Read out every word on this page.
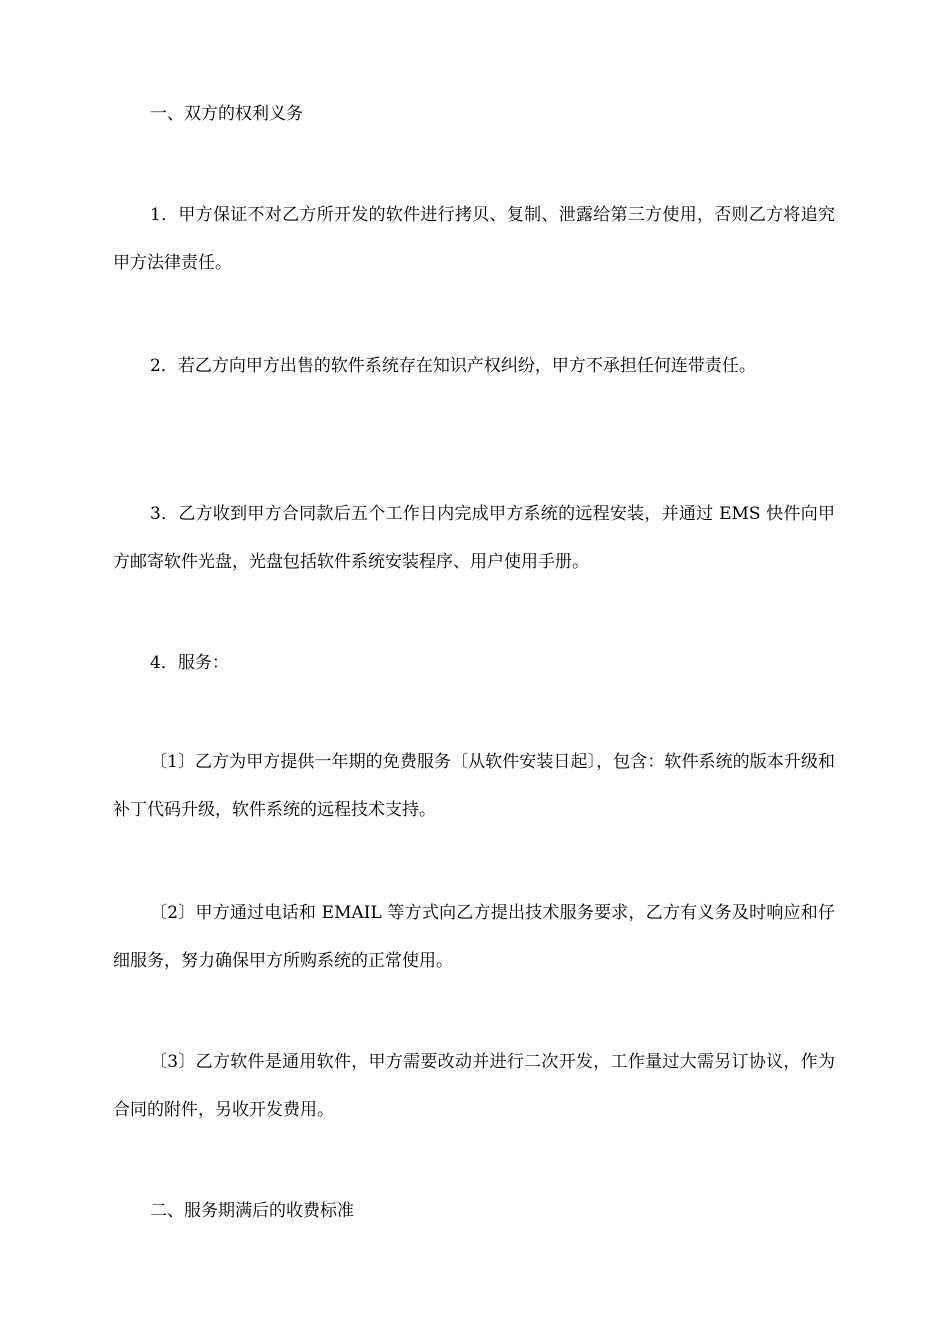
一、双方的权利义务

1．甲方保证不对乙方所开发的软件进行拷贝、复制、泄露给第三方使用，否则乙方将追究甲方法律责任。

2．若乙方向甲方出售的软件系统存在知识产权纠纷，甲方不承担任何连带责任。

3．乙方收到甲方合同款后五个工作日内完成甲方系统的远程安装，并通过 EMS 快件向甲方邮寄软件光盘，光盘包括软件系统安装程序、用户使用手册。

4．服务：

〔1〕乙方为甲方提供一年期的免费服务〔从软件安装日起〕，包含：软件系统的版本升级和补丁代码升级，软件系统的远程技术支持。

〔2〕甲方通过电话和 EMAIL 等方式向乙方提出技术服务要求，乙方有义务及时响应和仔细服务，努力确保甲方所购系统的正常使用。

〔3〕乙方软件是通用软件，甲方需要改动并进行二次开发，工作量过大需另订协议，作为合同的附件，另收开发费用。

二、服务期满后的收费标准
